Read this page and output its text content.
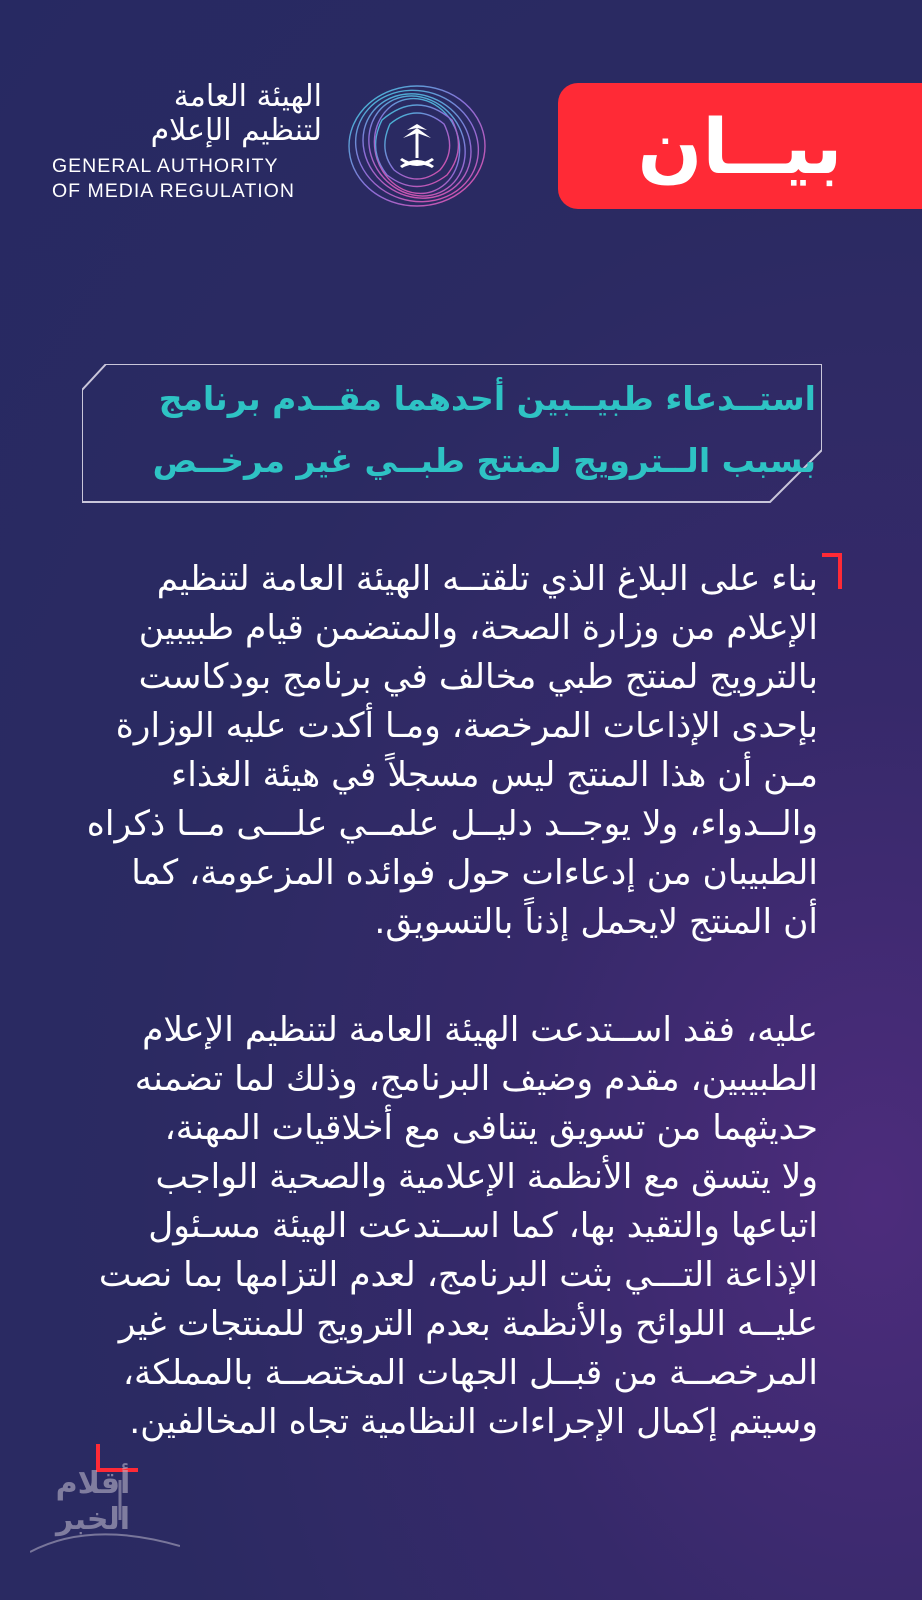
الهيئة العامة
لتنظيم الإعلام
GENERAL AUTHORITY
OF MEDIA REGULATION
بيــان
استــدعاء طبيــبين أحدهما مقــدم برنامج
بسبب الــترويج لمنتج طبــي غير مرخــص
بناء على البلاغ الذي تلقتــه الهيئة العامة لتنظيم
الإعلام من وزارة الصحة، والمتضمن قيام طبيبين
بالترويج لمنتج طبي مخالف في برنامج بودكاست
بإحدى الإذاعات المرخصة، ومـا أكدت عليه الوزارة
مـن أن هذا المنتج ليس مسجلاً في هيئة الغذاء
والــدواء، ولا يوجــد دليــل علمــي علـــى مــا ذكراه
الطبيبان من إدعاءات حول فوائده المزعومة، كما
أن المنتج لايحمل إذناً بالتسويق.
عليه، فقد اســتدعت الهيئة العامة لتنظيم الإعلام
الطبيبين، مقدم وضيف البرنامج، وذلك لما تضمنه
حديثهما من تسويق يتنافى مع أخلاقيات المهنة،
ولا يتسق مع الأنظمة الإعلامية والصحية الواجب
اتباعها والتقيد بها، كما اســتدعت الهيئة مسـئول
الإذاعة التـــي بثت البرنامج، لعدم التزامها بما نصت
عليــه اللوائح والأنظمة بعدم الترويج للمنتجات غير
المرخصــة من قبــل الجهات المختصــة بالمملكة،
وسيتم إكمال الإجراءات النظامية تجاه المخالفين.
أقلام
الخبر
